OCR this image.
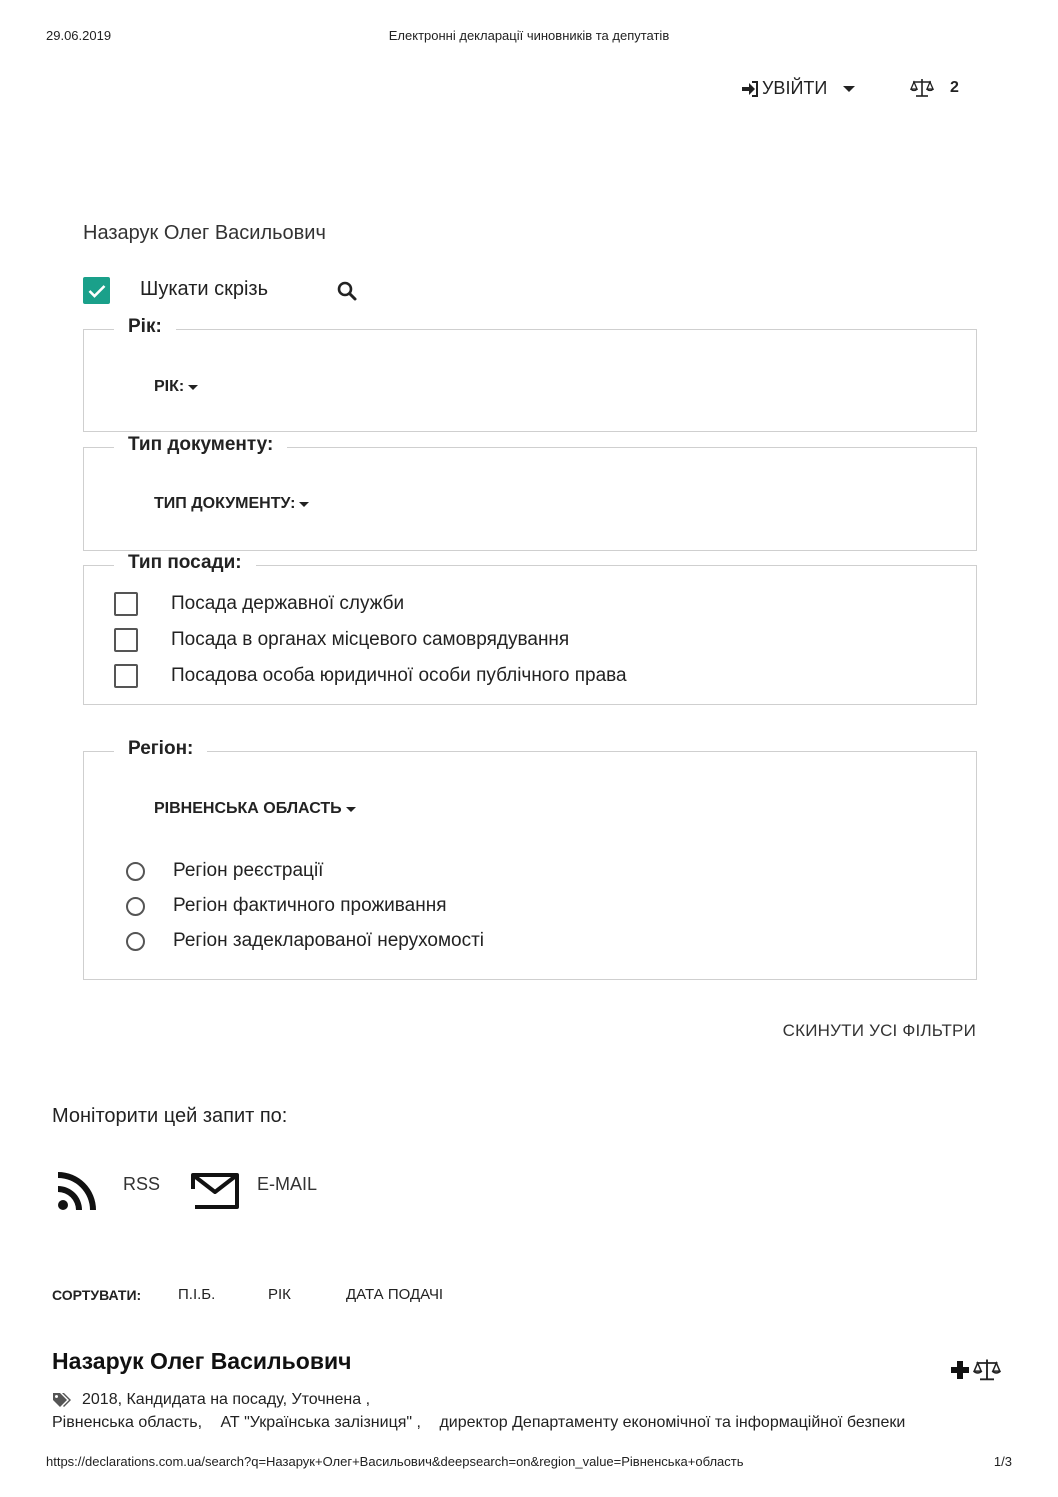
29.06.2019	Електронні декларації чиновників та депутатів
УВІЙТИ	2
Назарук Олег Васильович
Шукати скрізь
Рік:
РІК:
Тип документу:
ТИП ДОКУМЕНТУ:
Тип посади:
Посада державної служби
Посада в органах місцевого самоврядування
Посадова особа юридичної особи публічного права
Регіон:
РІВНЕНСЬКА ОБЛАСТЬ
Регіон реєстрації
Регіон фактичного проживання
Регіон задекларованої нерухомості
СКИНУТИ УСІ ФІЛЬТРИ
Моніторити цей запит по:
RSS	E-MAIL
СОРТУВАТИ: П.І.Б.	РІК	ДАТА ПОДАЧІ
Назарук Олег Васильович
2018, Кандидата на посаду, Уточнена ,
Рівненська область, АТ "Українська залізниця" , директор Департаменту економічної та інформаційної безпеки
https://declarations.com.ua/search?q=Назарук+Олег+Васильович&deepsearch=on&region_value=Рівненська+область	1/3
